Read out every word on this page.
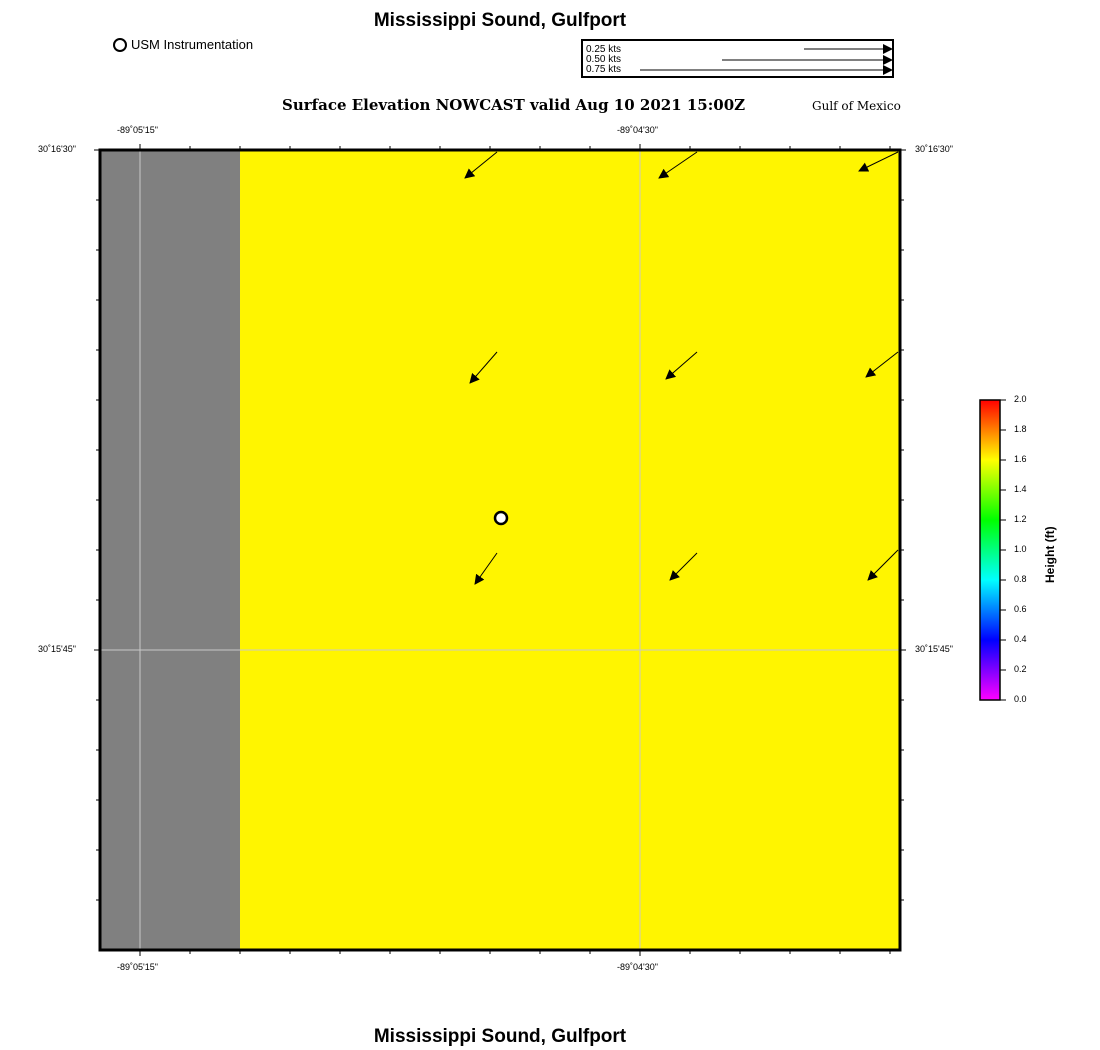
Mississippi Sound, Gulfport
USM Instrumentation	0.25 kts
0.50 kts
0.75 kts
Surface Elevation NOWCAST valid Aug 10 2021 15:00Z	Gulf of Mexico
-89˚05'15"	-89˚04'30"
-89˚05'15"	-89˚04'30"
30˚16'30"
30˚15'45"
30˚16'30"
30˚15'45"
2.0
1.8
1.6
1.4
1.2
1.0
0.8
0.6
0.4
0.2
0.0
Height (ft)
Mississippi Sound, Gulfport
